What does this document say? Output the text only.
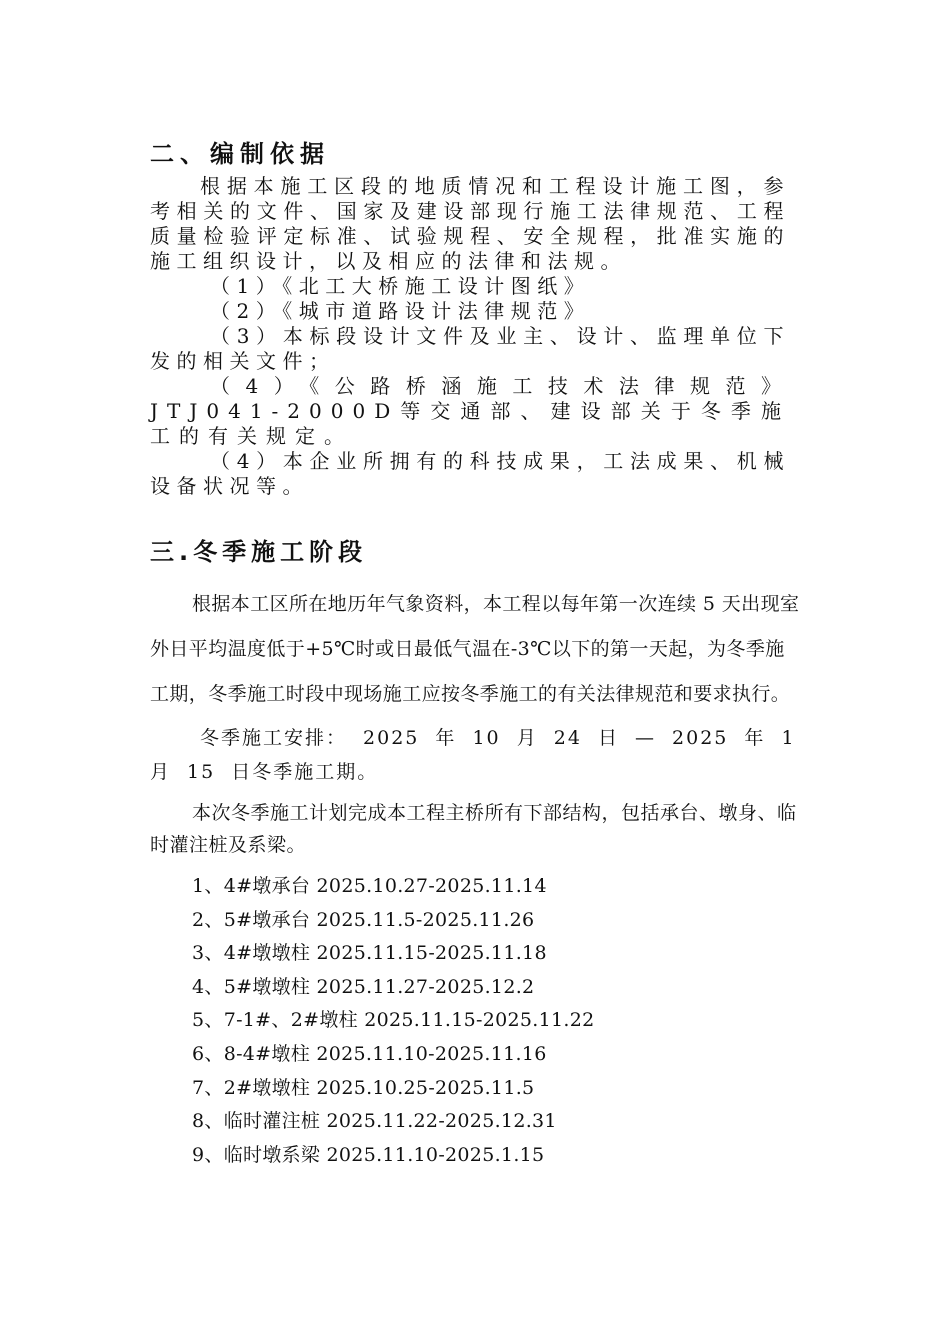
二、编制依据

根据本施工区段的地质情况和工程设计施工图，参考相关的文件、国家及建设部现行施工法律规范、工程质量检验评定标准、试验规程、安全规程，批准实施的施工组织设计，以及相应的法律和法规。

（1）《北工大桥施工设计图纸》

（2）《城市道路设计法律规范》

（3）本标段设计文件及业主、设计、监理单位下发的相关文件；

（4）《公路桥涵施工技术法律规范》JTJ041-2000D等交通部、建设部关于冬季施工的有关规定。

（4）本企业所拥有的科技成果，工法成果、机械设备状况等。

三.冬季施工阶段

根据本工区所在地历年气象资料，本工程以每年第一次连续 5 天出现室外日平均温度低于+5℃时或日最低气温在-3℃以下的第一天起，为冬季施工期，冬季施工时段中现场施工应按冬季施工的有关法律规范和要求执行。

冬季施工安排： 2025 年 10 月 24 日 — 2025 年 1 月 15 日冬季施工期。

本次冬季施工计划完成本工程主桥所有下部结构，包括承台、墩身、临时灌注桩及系梁。

1、4#墩承台 2025.10.27-2025.11.14
2、5#墩承台 2025.11.5-2025.11.26
3、4#墩墩柱 2025.11.15-2025.11.18
4、5#墩墩柱 2025.11.27-2025.12.2
5、7-1#、2#墩柱 2025.11.15-2025.11.22
6、8-4#墩柱 2025.11.10-2025.11.16
7、2#墩墩柱 2025.10.25-2025.11.5
8、临时灌注桩 2025.11.22-2025.12.31
9、临时墩系梁 2025.11.10-2025.1.15
